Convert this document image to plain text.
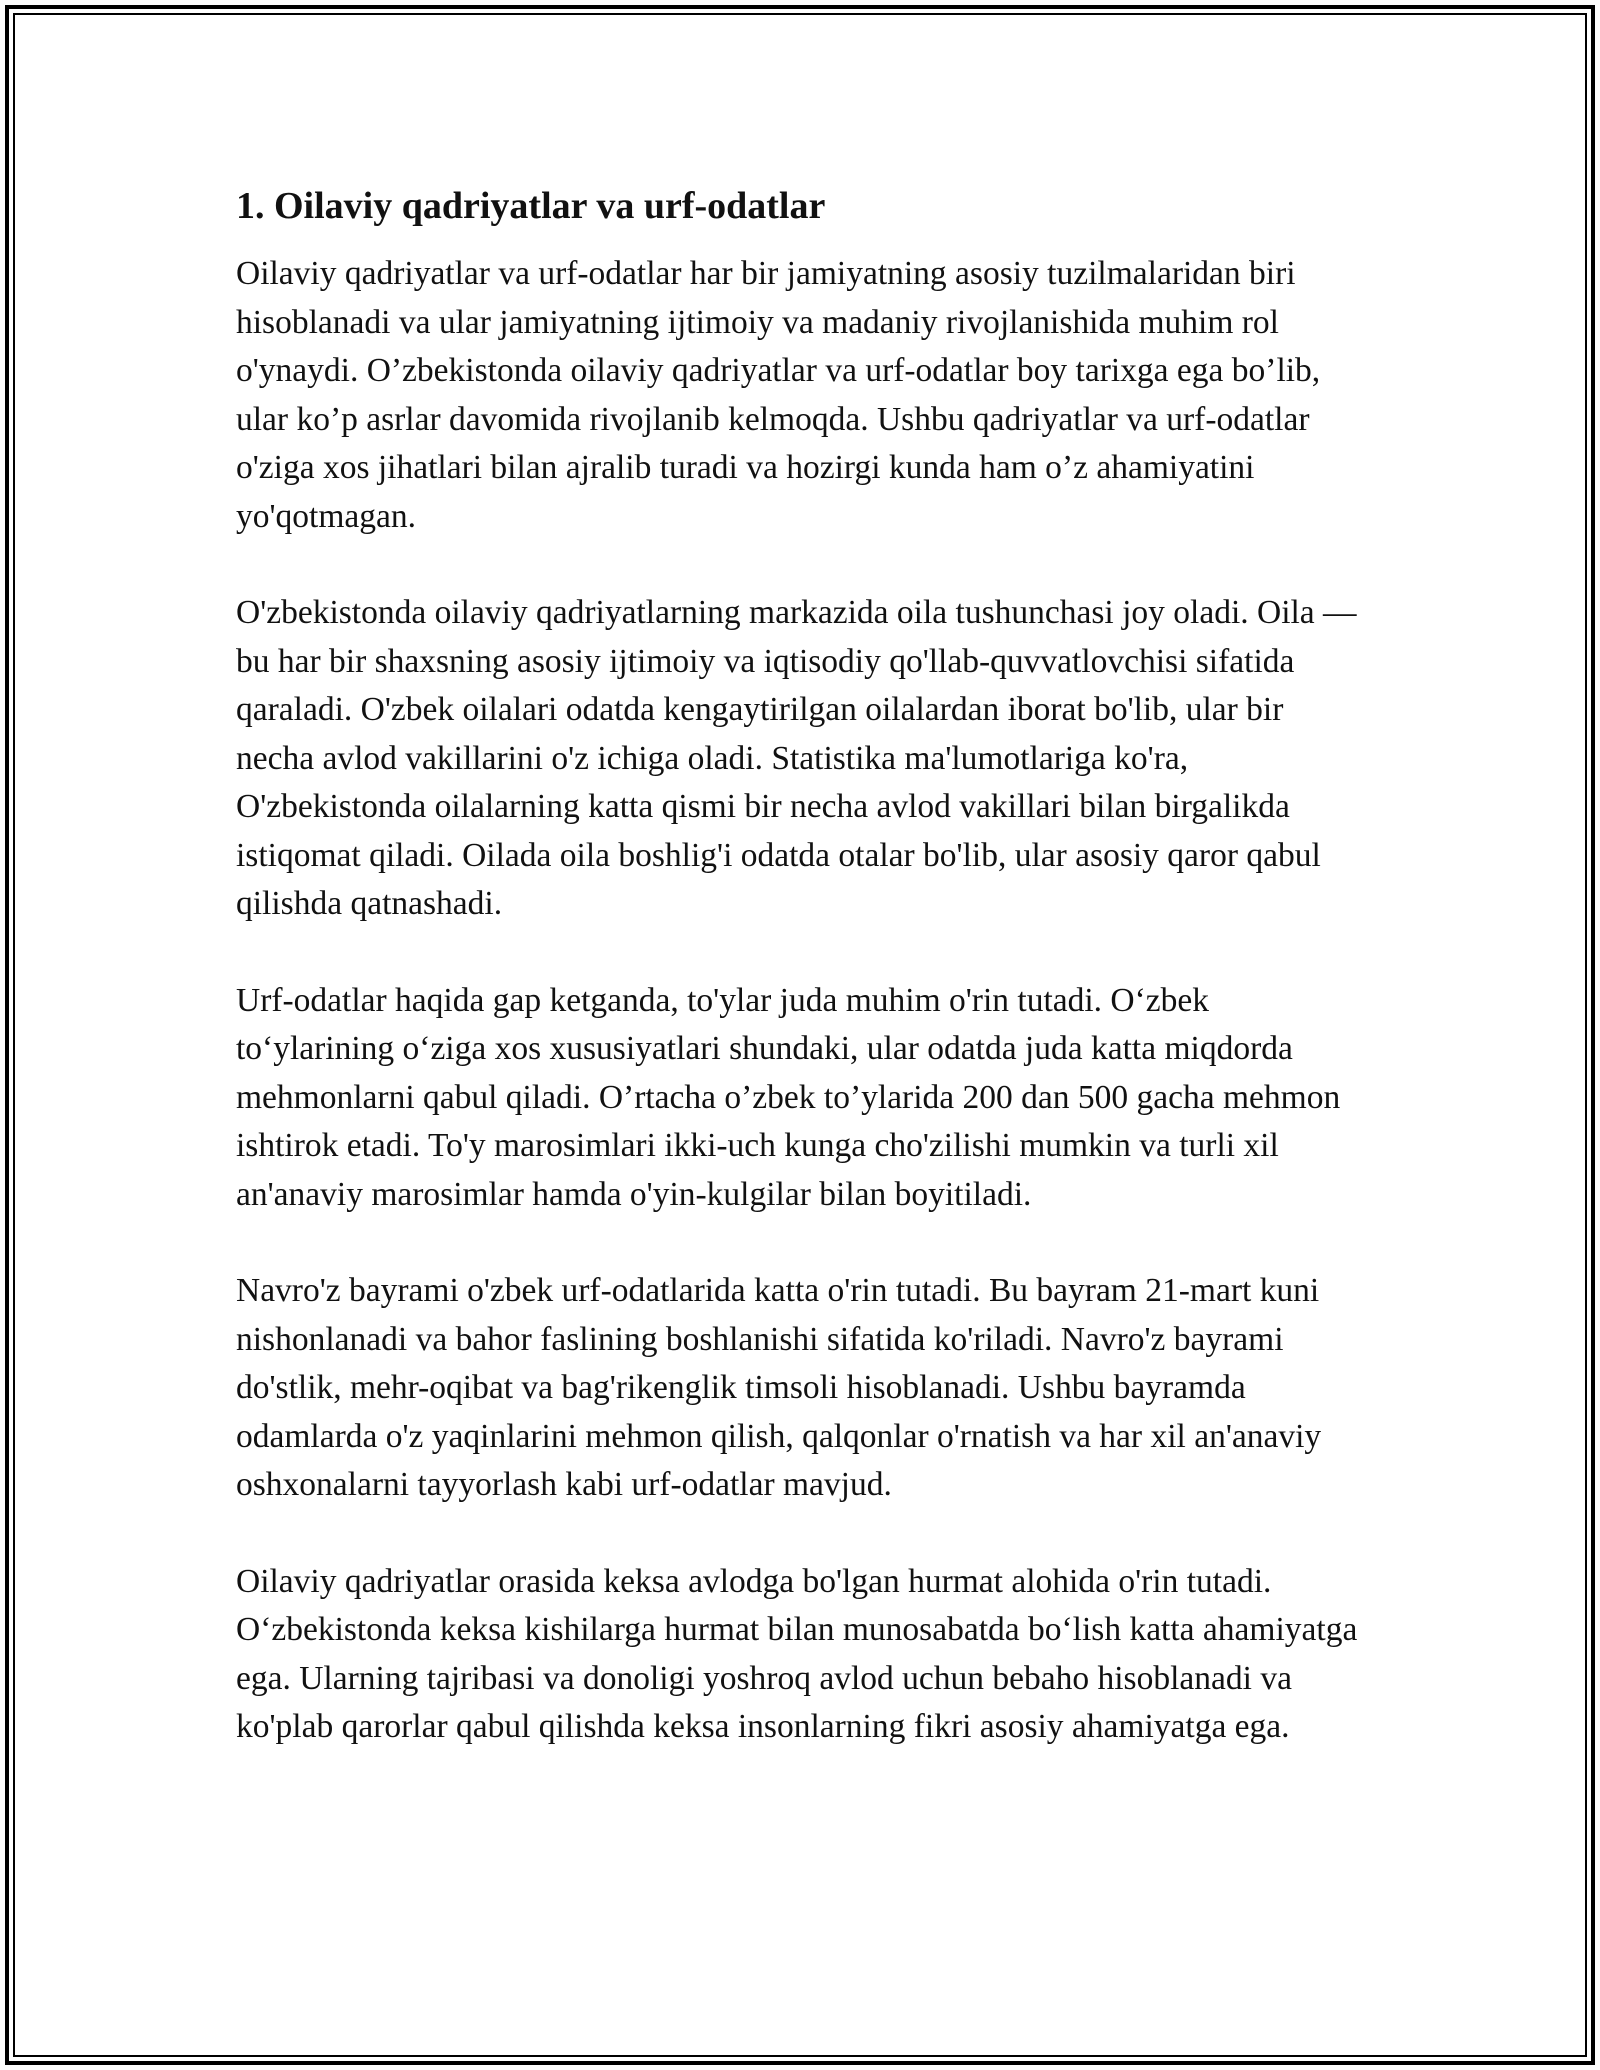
1. Oilaviy qadriyatlar va urf-odatlar

Oilaviy qadriyatlar va urf-odatlar har bir jamiyatning asosiy tuzilmalaridan biri hisoblanadi va ular jamiyatning ijtimoiy va madaniy rivojlanishida muhim rol o'ynaydi. O’zbekistonda oilaviy qadriyatlar va urf-odatlar boy tarixga ega bo’lib, ular ko’p asrlar davomida rivojlanib kelmoqda. Ushbu qadriyatlar va urf-odatlar o'ziga xos jihatlari bilan ajralib turadi va hozirgi kunda ham o’z ahamiyatini yo'qotmagan.

O'zbekistonda oilaviy qadriyatlarning markazida oila tushunchasi joy oladi. Oila — bu har bir shaxsning asosiy ijtimoiy va iqtisodiy qo'llab-quvvatlovchisi sifatida qaraladi. O'zbek oilalari odatda kengaytirilgan oilalardan iborat bo'lib, ular bir necha avlod vakillarini o'z ichiga oladi. Statistika ma'lumotlariga ko'ra, O'zbekistonda oilalarning katta qismi bir necha avlod vakillari bilan birgalikda istiqomat qiladi. Oilada oila boshlig'i odatda otalar bo'lib, ular asosiy qaror qabul qilishda qatnashadi.

Urf-odatlar haqida gap ketganda, to'ylar juda muhim o'rin tutadi. O‘zbek to‘ylarining o‘ziga xos xususiyatlari shundaki, ular odatda juda katta miqdorda mehmonlarni qabul qiladi. O’rtacha o’zbek to’ylarida 200 dan 500 gacha mehmon ishtirok etadi. To'y marosimlari ikki-uch kunga cho'zilishi mumkin va turli xil an'anaviy marosimlar hamda o'yin-kulgilar bilan boyitiladi.

Navro'z bayrami o'zbek urf-odatlarida katta o'rin tutadi. Bu bayram 21-mart kuni nishonlanadi va bahor faslining boshlanishi sifatida ko'riladi. Navro'z bayrami do'stlik, mehr-oqibat va bag'rikenglik timsoli hisoblanadi. Ushbu bayramda odamlarda o'z yaqinlarini mehmon qilish, qalqonlar o'rnatish va har xil an'anaviy oshxonalarni tayyorlash kabi urf-odatlar mavjud.

Oilaviy qadriyatlar orasida keksa avlodga bo'lgan hurmat alohida o'rin tutadi. O‘zbekistonda keksa kishilarga hurmat bilan munosabatda bo‘lish katta ahamiyatga ega. Ularning tajribasi va donoligi yoshroq avlod uchun bebaho hisoblanadi va ko'plab qarorlar qabul qilishda keksa insonlarning fikri asosiy ahamiyatga ega.
